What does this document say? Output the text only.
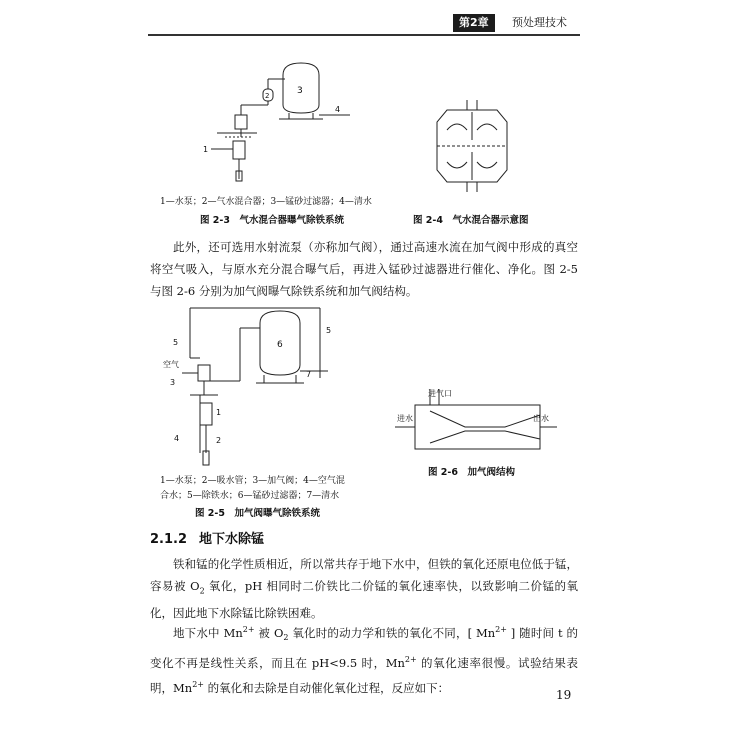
第2章	预处理技术
3
2
4
1
1—水泵；2—气水混合器；3—锰砂过滤器；4—清水
图 2-3　气水混合器曝气除铁系统	图 2-4　气水混合器示意图

此外，还可选用水射流泵（亦称加气阀），通过高速水流在加气阀中形成的真空将空气吸入，与原水充分混合曝气后，再进入锰砂过滤器进行催化、净化。图 2-5 与图 2-6 分别为加气阀曝气除铁系统和加气阀结构。

5
5
6
7
空气
3
1
4	2
1—水泵；2—吸水管；3—加气阀；4—空气混
合水；5—除铁水；6—锰砂过滤器；7—清水
图 2-5　加气阀曝气除铁系统
进气口
进水	出水
图 2-6　加气阀结构
2.1.2 地下水除锰

铁和锰的化学性质相近，所以常共存于地下水中，但铁的氧化还原电位低于锰，容易被 $O_2$ 氧化，pH 相同时二价铁比二价锰的氧化速率快，以致影响二价锰的氧化，因此地下水除锰比除铁困难。

地下水中 $Mn^{2+}$ 被 $O_2$ 氧化时的动力学和铁的氧化不同，[ $Mn^{2+}$ ] 随时间 t 的变化不再是线性关系，而且在 pH<9.5 时，$Mn^{2+}$ 的氧化速率很慢。试验结果表明，$Mn^{2+}$ 的氧化和去除是自动催化氧化过程，反应如下：

19
